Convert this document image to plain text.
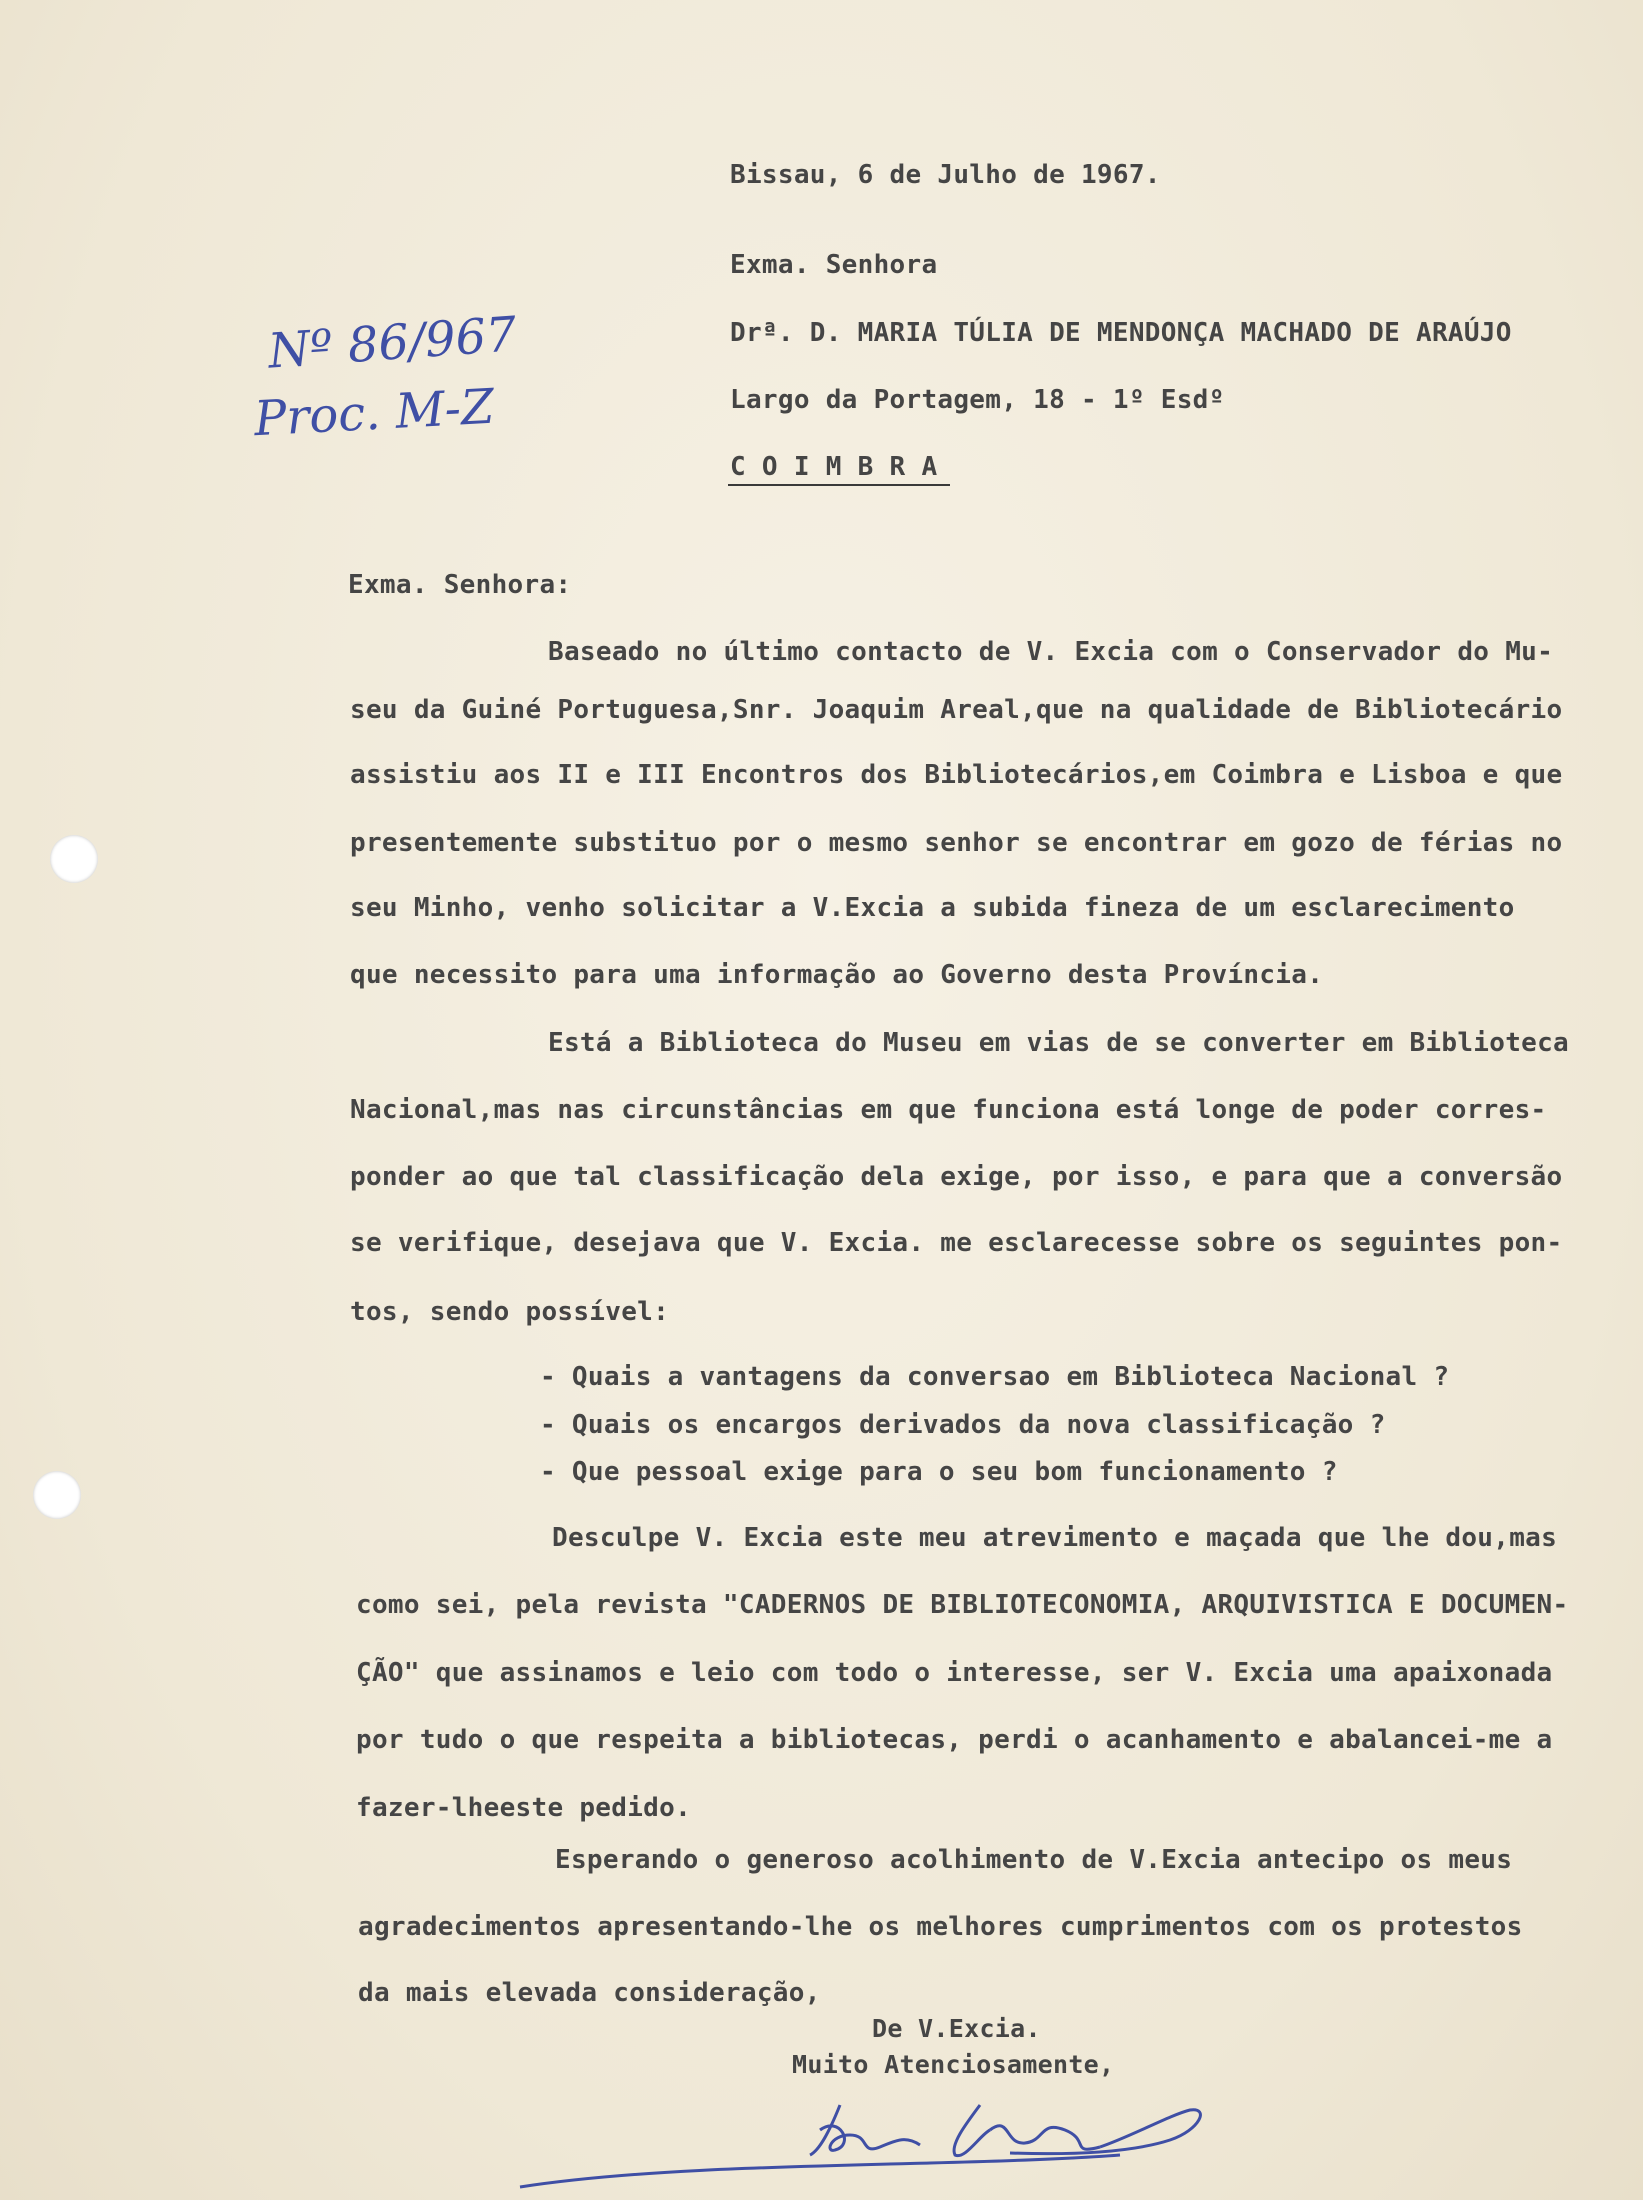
Nº 86/967
Proc. M-Z
Bissau, 6 de Julho de 1967.
Exma. Senhora
Drª. D. MARIA TÚLIA DE MENDONÇA MACHADO DE ARAÚJO
Largo da Portagem, 18 - 1º Esdº
C O I M B R A
Exma. Senhora:
Baseado no último contacto de V. Excia com o Conservador do Mu-
seu da Guiné Portuguesa,Snr. Joaquim Areal,que na qualidade de Bibliotecário
assistiu aos II e III Encontros dos Bibliotecários,em Coimbra e Lisboa e que
presentemente substituo por o mesmo senhor se encontrar em gozo de férias no
seu Minho, venho solicitar a V.Excia a subida fineza de um esclarecimento
que necessito para uma informação ao Governo desta Província.
Está a Biblioteca do Museu em vias de se converter em Biblioteca
Nacional,mas nas circunstâncias em que funciona está longe de poder corres-
ponder ao que tal classificação dela exige, por isso, e para que a conversão
se verifique, desejava que V. Excia. me esclarecesse sobre os seguintes pon-
tos, sendo possível:
- Quais a vantagens da conversao em Biblioteca Nacional ?
- Quais os encargos derivados da nova classificação ?
- Que pessoal exige para o seu bom funcionamento ?
Desculpe V. Excia este meu atrevimento e maçada que lhe dou,mas
como sei, pela revista "CADERNOS DE BIBLIOTECONOMIA, ARQUIVISTICA E DOCUMEN-
ÇÃO" que assinamos e leio com todo o interesse, ser V. Excia uma apaixonada
por tudo o que respeita a bibliotecas, perdi o acanhamento e abalancei-me a
fazer-lheeste pedido.
Esperando o generoso acolhimento de V.Excia antecipo os meus
agradecimentos apresentando-lhe os melhores cumprimentos com os protestos
da mais elevada consideração,
De V.Excia.
Muito Atenciosamente,
